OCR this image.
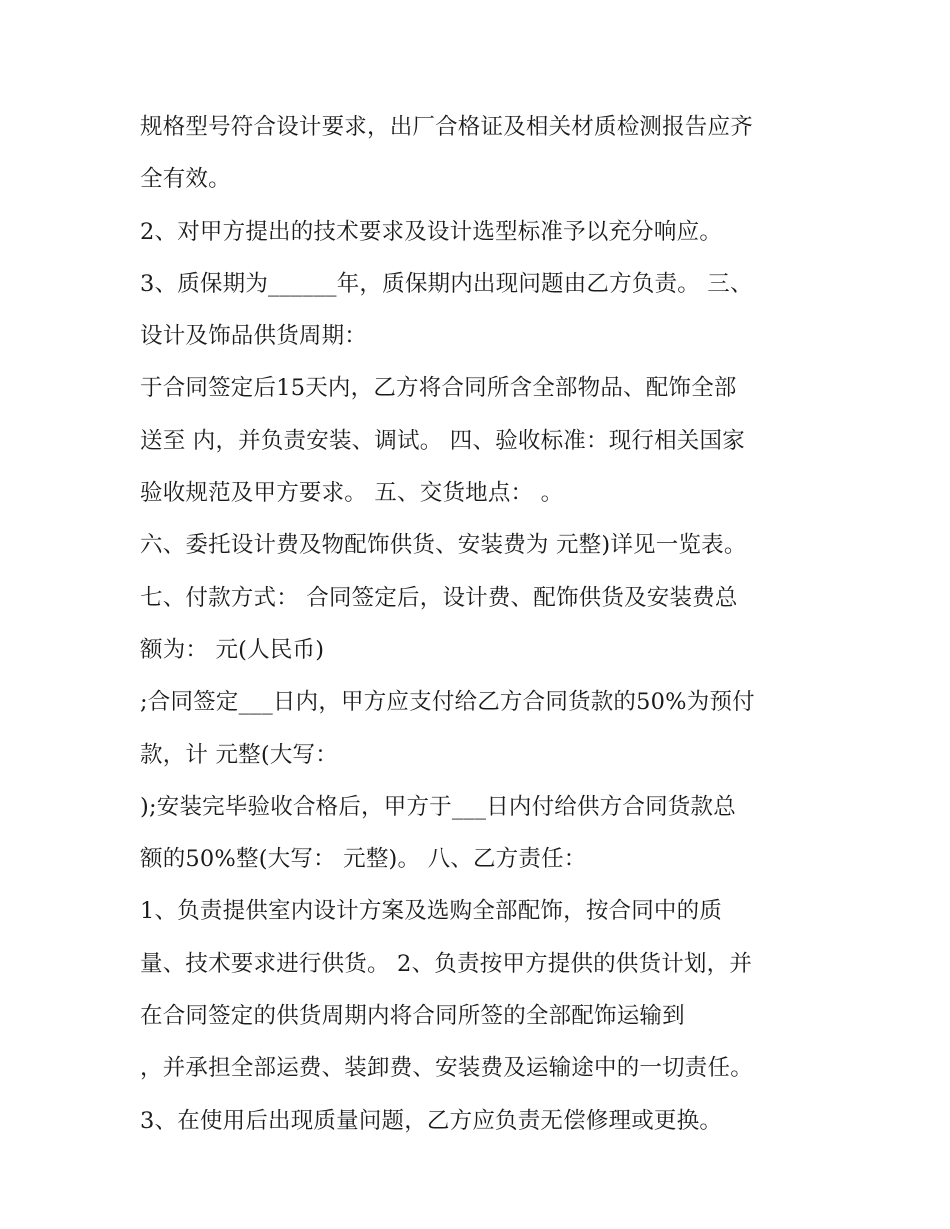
规格型号符合设计要求，出厂合格证及相关材质检测报告应齐
全有效。
2、对甲方提出的技术要求及设计选型标准予以充分响应。
3、质保期为______年，质保期内出现问题由乙方负责。 三、
设计及饰品供货周期：
于合同签定后15天内，乙方将合同所含全部物品、配饰全部
送至 内，并负责安装、调试。 四、验收标准：现行相关国家
验收规范及甲方要求。 五、交货地点： 。
六、委托设计费及物配饰供货、安装费为 元整)详见一览表。
七、付款方式： 合同签定后，设计费、配饰供货及安装费总
额为： 元(人民币)
;合同签定___日内，甲方应支付给乙方合同货款的50%为预付
款，计 元整(大写：
);安装完毕验收合格后，甲方于___日内付给供方合同货款总
额的50%整(大写： 元整)。 八、乙方责任：
1、负责提供室内设计方案及选购全部配饰，按合同中的质
量、技术要求进行供货。 2、负责按甲方提供的供货计划，并
在合同签定的供货周期内将合同所签的全部配饰运输到
，并承担全部运费、装卸费、安装费及运输途中的一切责任。
3、在使用后出现质量问题，乙方应负责无偿修理或更换。
